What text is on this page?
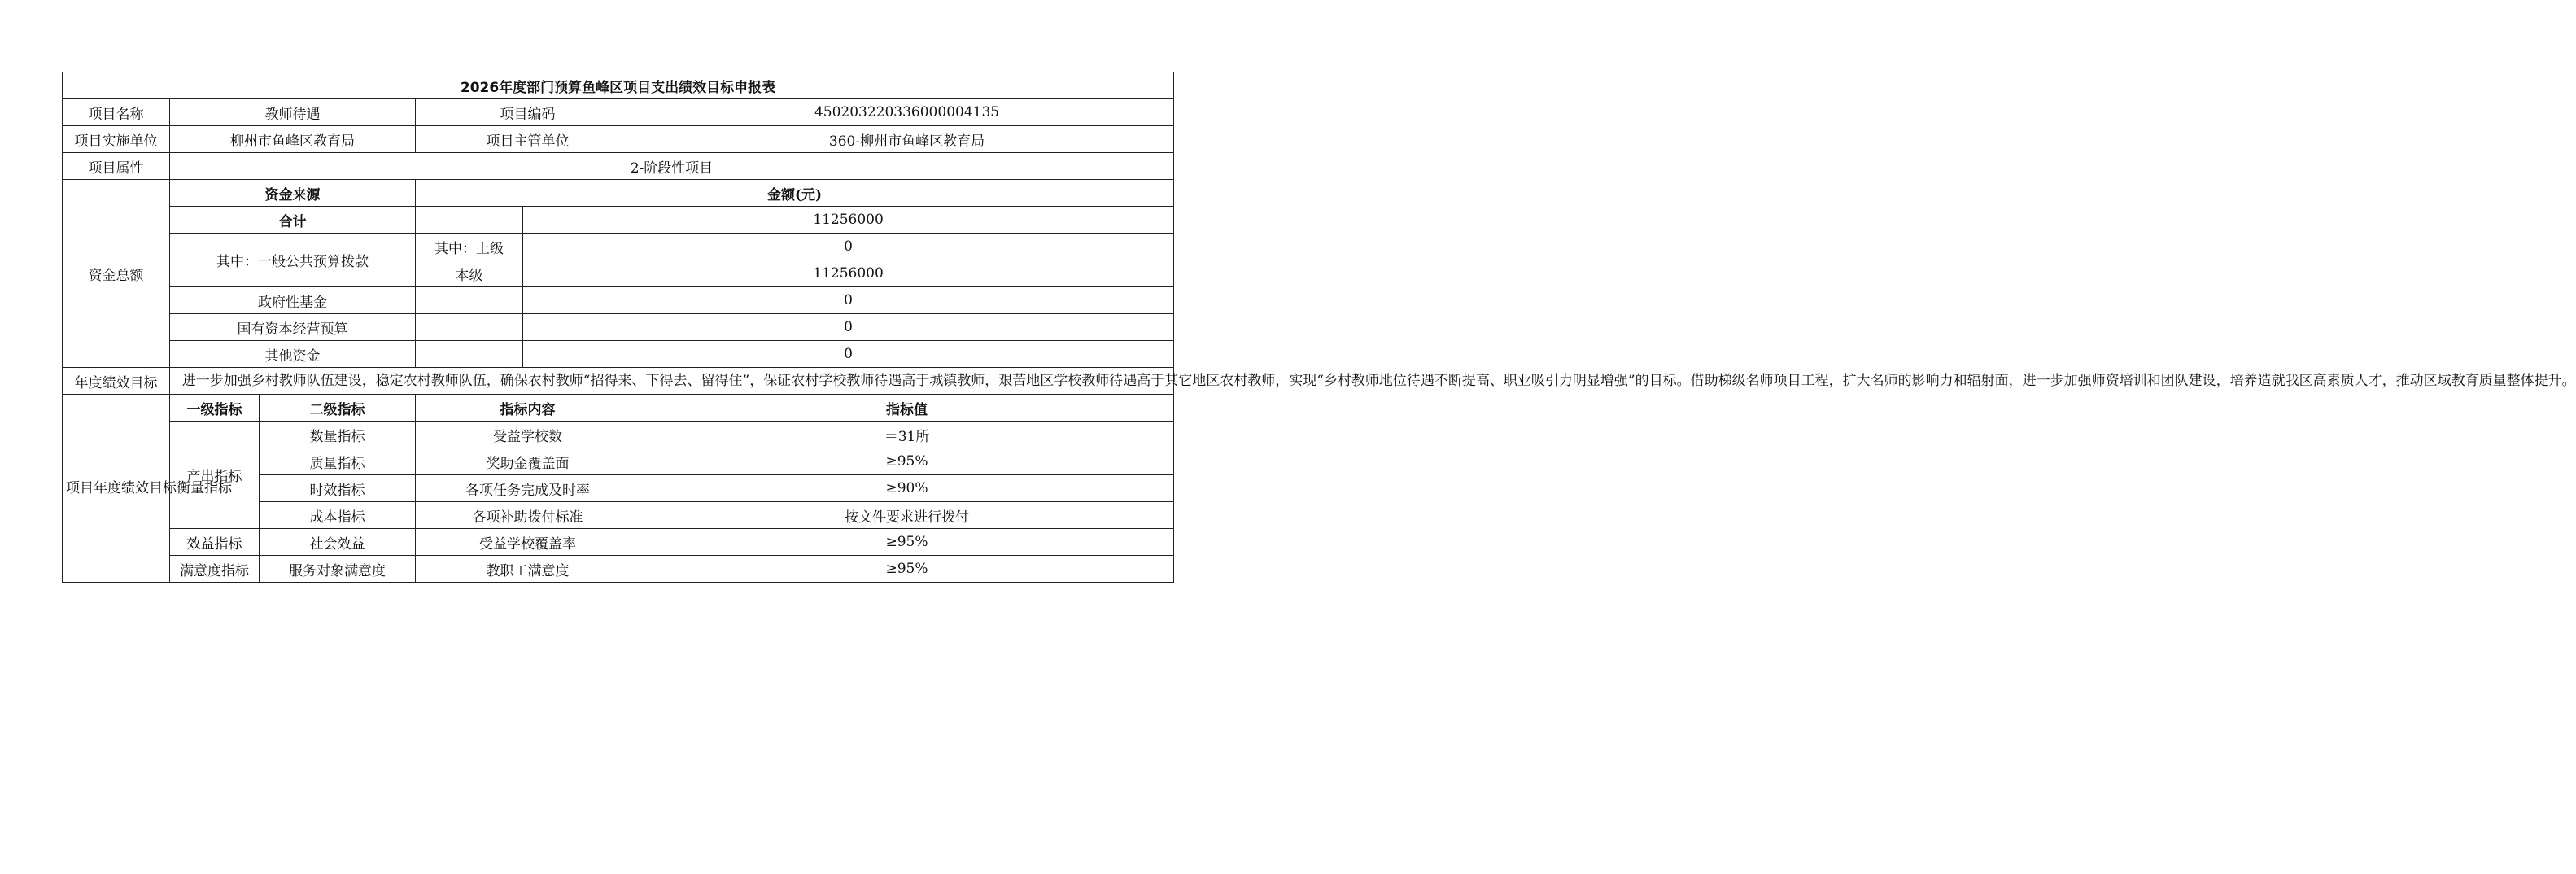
2026年度部门预算鱼峰区项目支出绩效目标申报表					
项目名称	教师待遇		项目编码		450203220336000004135
项目实施单位	柳州市鱼峰区教育局		项目主管单位		360-柳州市鱼峰区教育局
项目属性	2-阶段性项目				
资金总额	资金来源		金额(元)		
	合计			11256000	
	其中：一般公共预算拨款		其中：上级	0	
			本级	11256000	
	政府性基金			0	
	国有资本经营预算			0	
	其他资金			0	
年度绩效目标	进一步加强乡村教师队伍建设，稳定农村教师队伍，确保农村教师“招得来、下得去、留得住”，保证农村学校教师待遇高于城镇教师，艰苦地区学校教师待遇高于其它地区农村教师，实现“乡村教师地位待遇不断提高、职业吸引力明显增强”的目标。借助梯级名师项目工程，扩大名师的影响力和辐射面，进一步加强师资培训和团队建设，培养造就我区高素质人才，推动区域教育质量整体提升。				
项目年度绩效目标衡量指标	一级指标	二级指标	指标内容		指标值
	产出指标	数量指标	受益学校数		＝31所
		质量指标	奖助金覆盖面		≥95%
		时效指标	各项任务完成及时率		≥90%
		成本指标	各项补助拨付标准		按文件要求进行拨付
	效益指标	社会效益	受益学校覆盖率		≥95%
	满意度指标	服务对象满意度	教职工满意度		≥95%
